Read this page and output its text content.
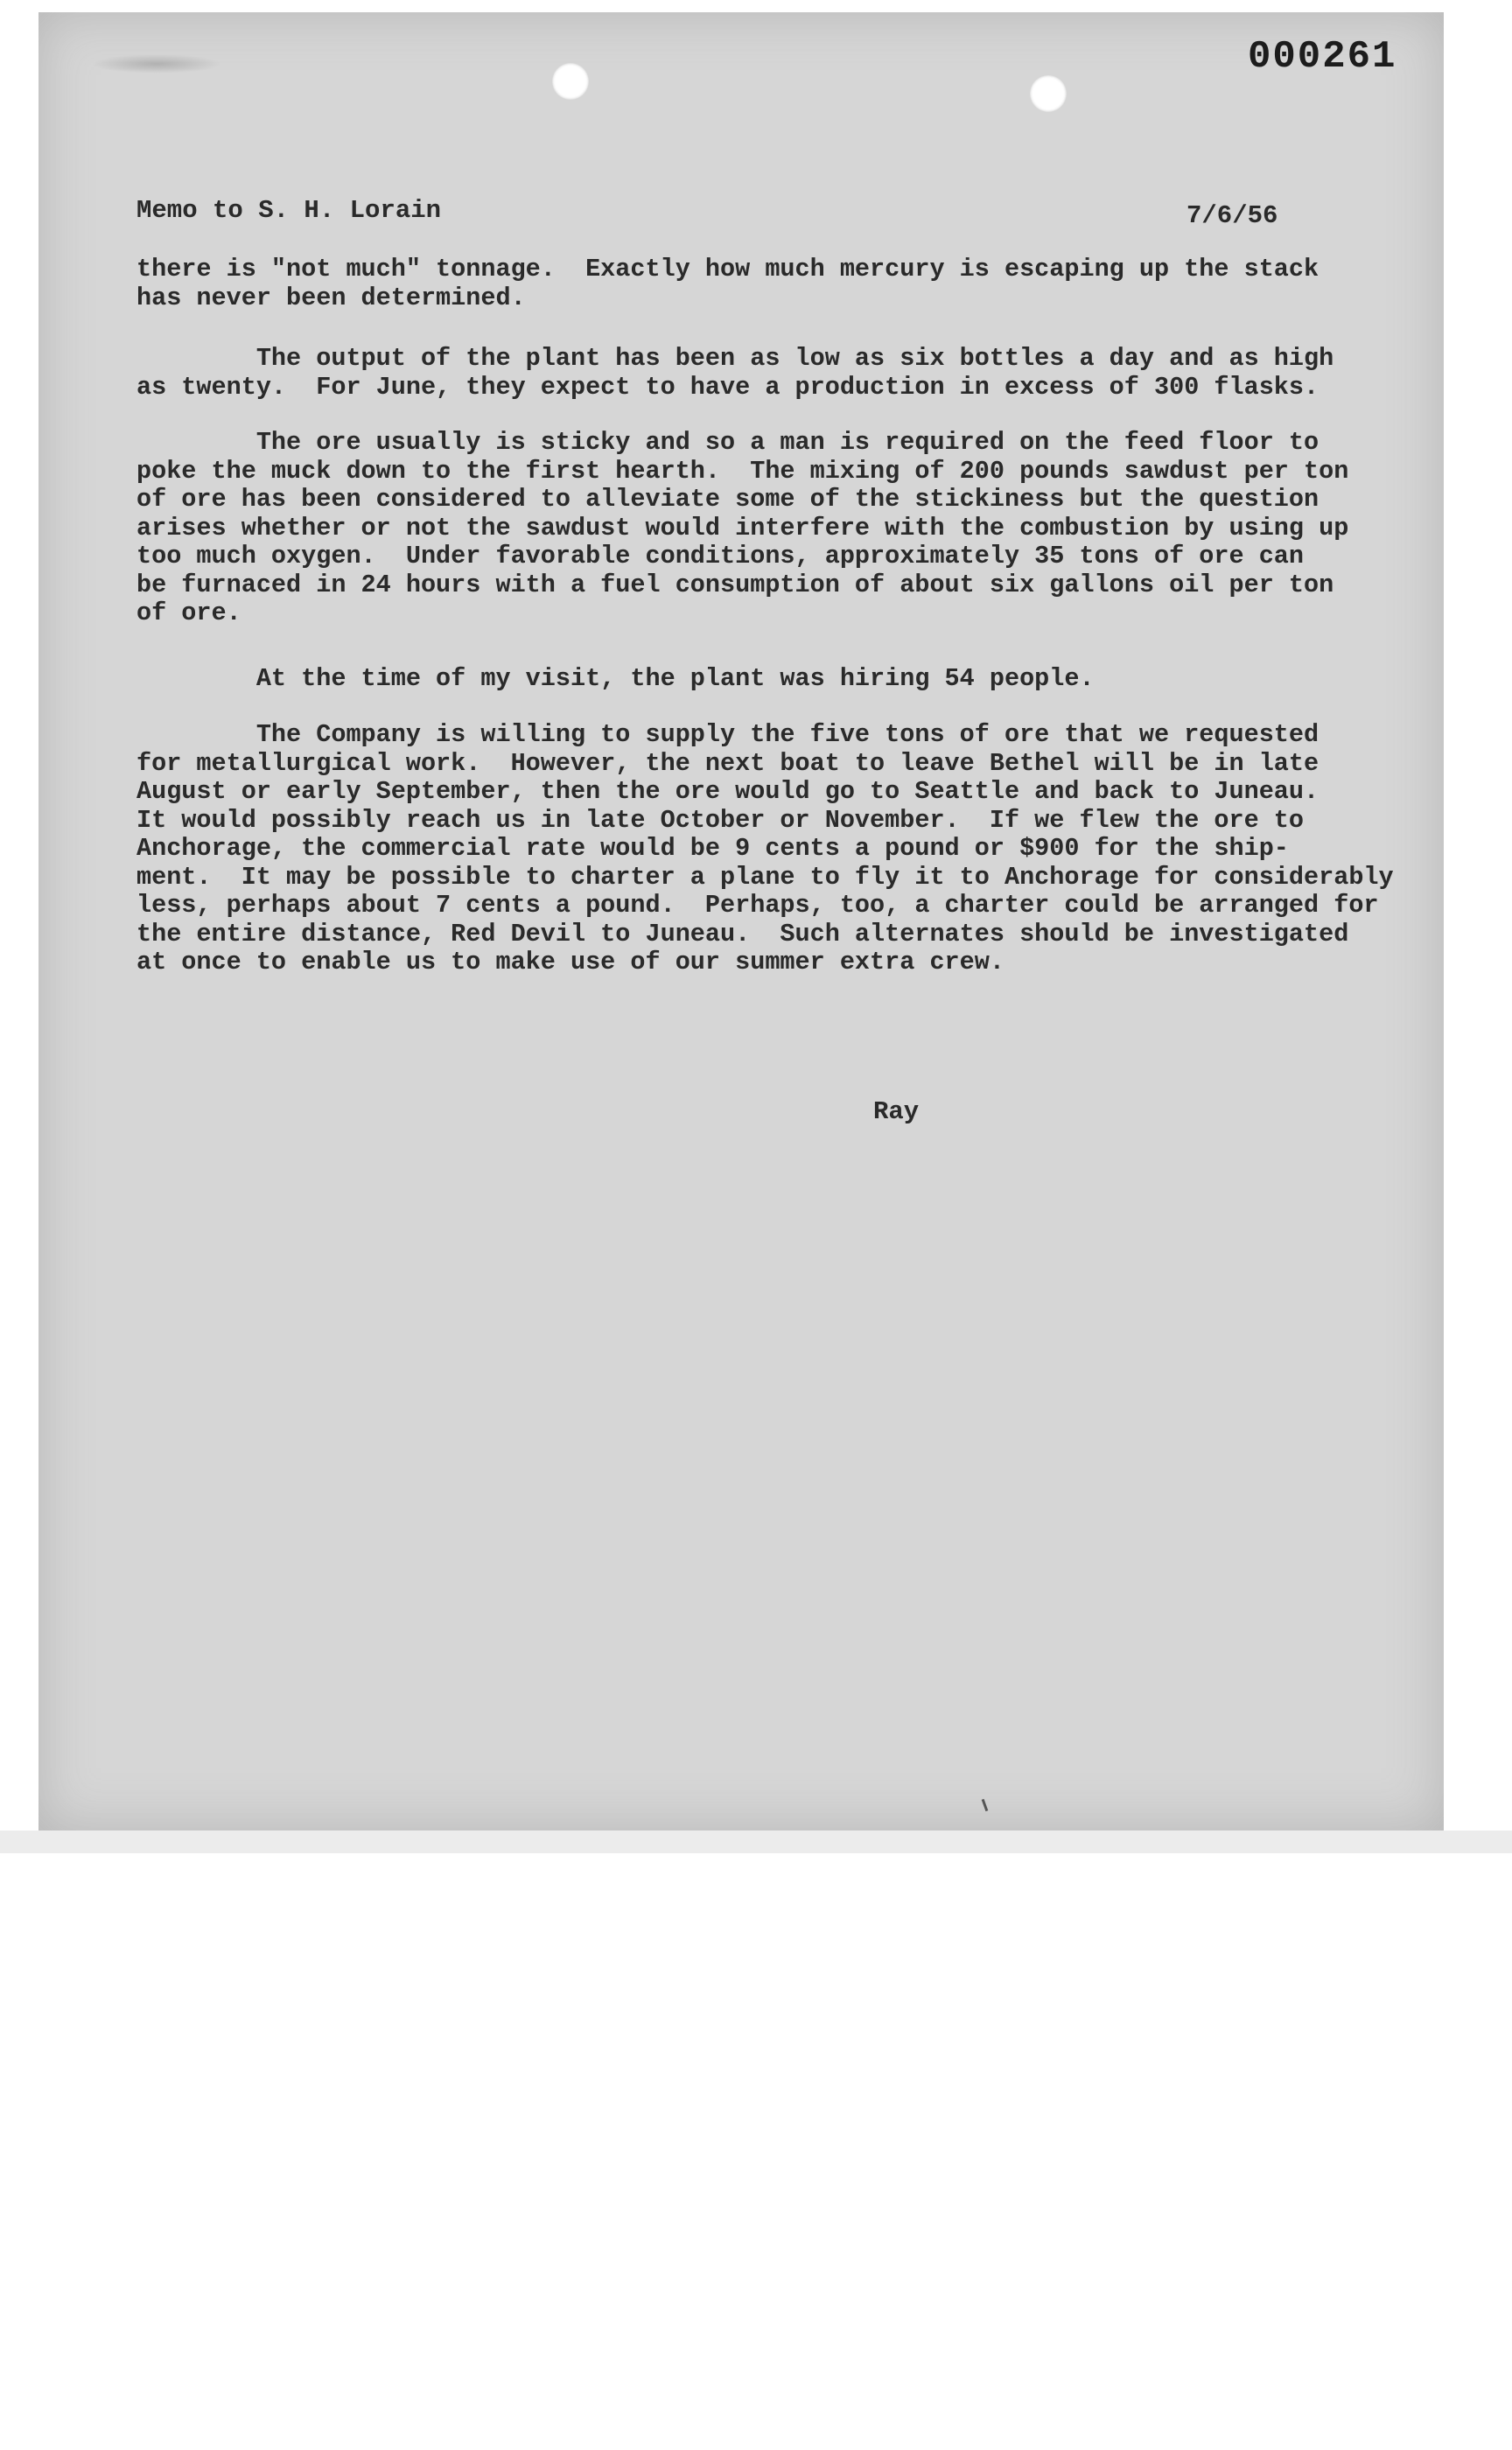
000261
Memo to S. H. Lorain	7/6/56
there is "not much" tonnage.  Exactly how much mercury is escaping up the stack
has never been determined.
The output of the plant has been as low as six bottles a day and as high
as twenty.  For June, they expect to have a production in excess of 300 flasks.
The ore usually is sticky and so a man is required on the feed floor to
poke the muck down to the first hearth.  The mixing of 200 pounds sawdust per ton
of ore has been considered to alleviate some of the stickiness but the question
arises whether or not the sawdust would interfere with the combustion by using up
too much oxygen.  Under favorable conditions, approximately 35 tons of ore can
be furnaced in 24 hours with a fuel consumption of about six gallons oil per ton
of ore.
At the time of my visit, the plant was hiring 54 people.
The Company is willing to supply the five tons of ore that we requested
for metallurgical work.  However, the next boat to leave Bethel will be in late
August or early September, then the ore would go to Seattle and back to Juneau.
It would possibly reach us in late October or November.  If we flew the ore to
Anchorage, the commercial rate would be 9 cents a pound or $900 for the ship-
ment.  It may be possible to charter a plane to fly it to Anchorage for considerably
less, perhaps about 7 cents a pound.  Perhaps, too, a charter could be arranged for
the entire distance, Red Devil to Juneau.  Such alternates should be investigated
at once to enable us to make use of our summer extra crew.
Ray
